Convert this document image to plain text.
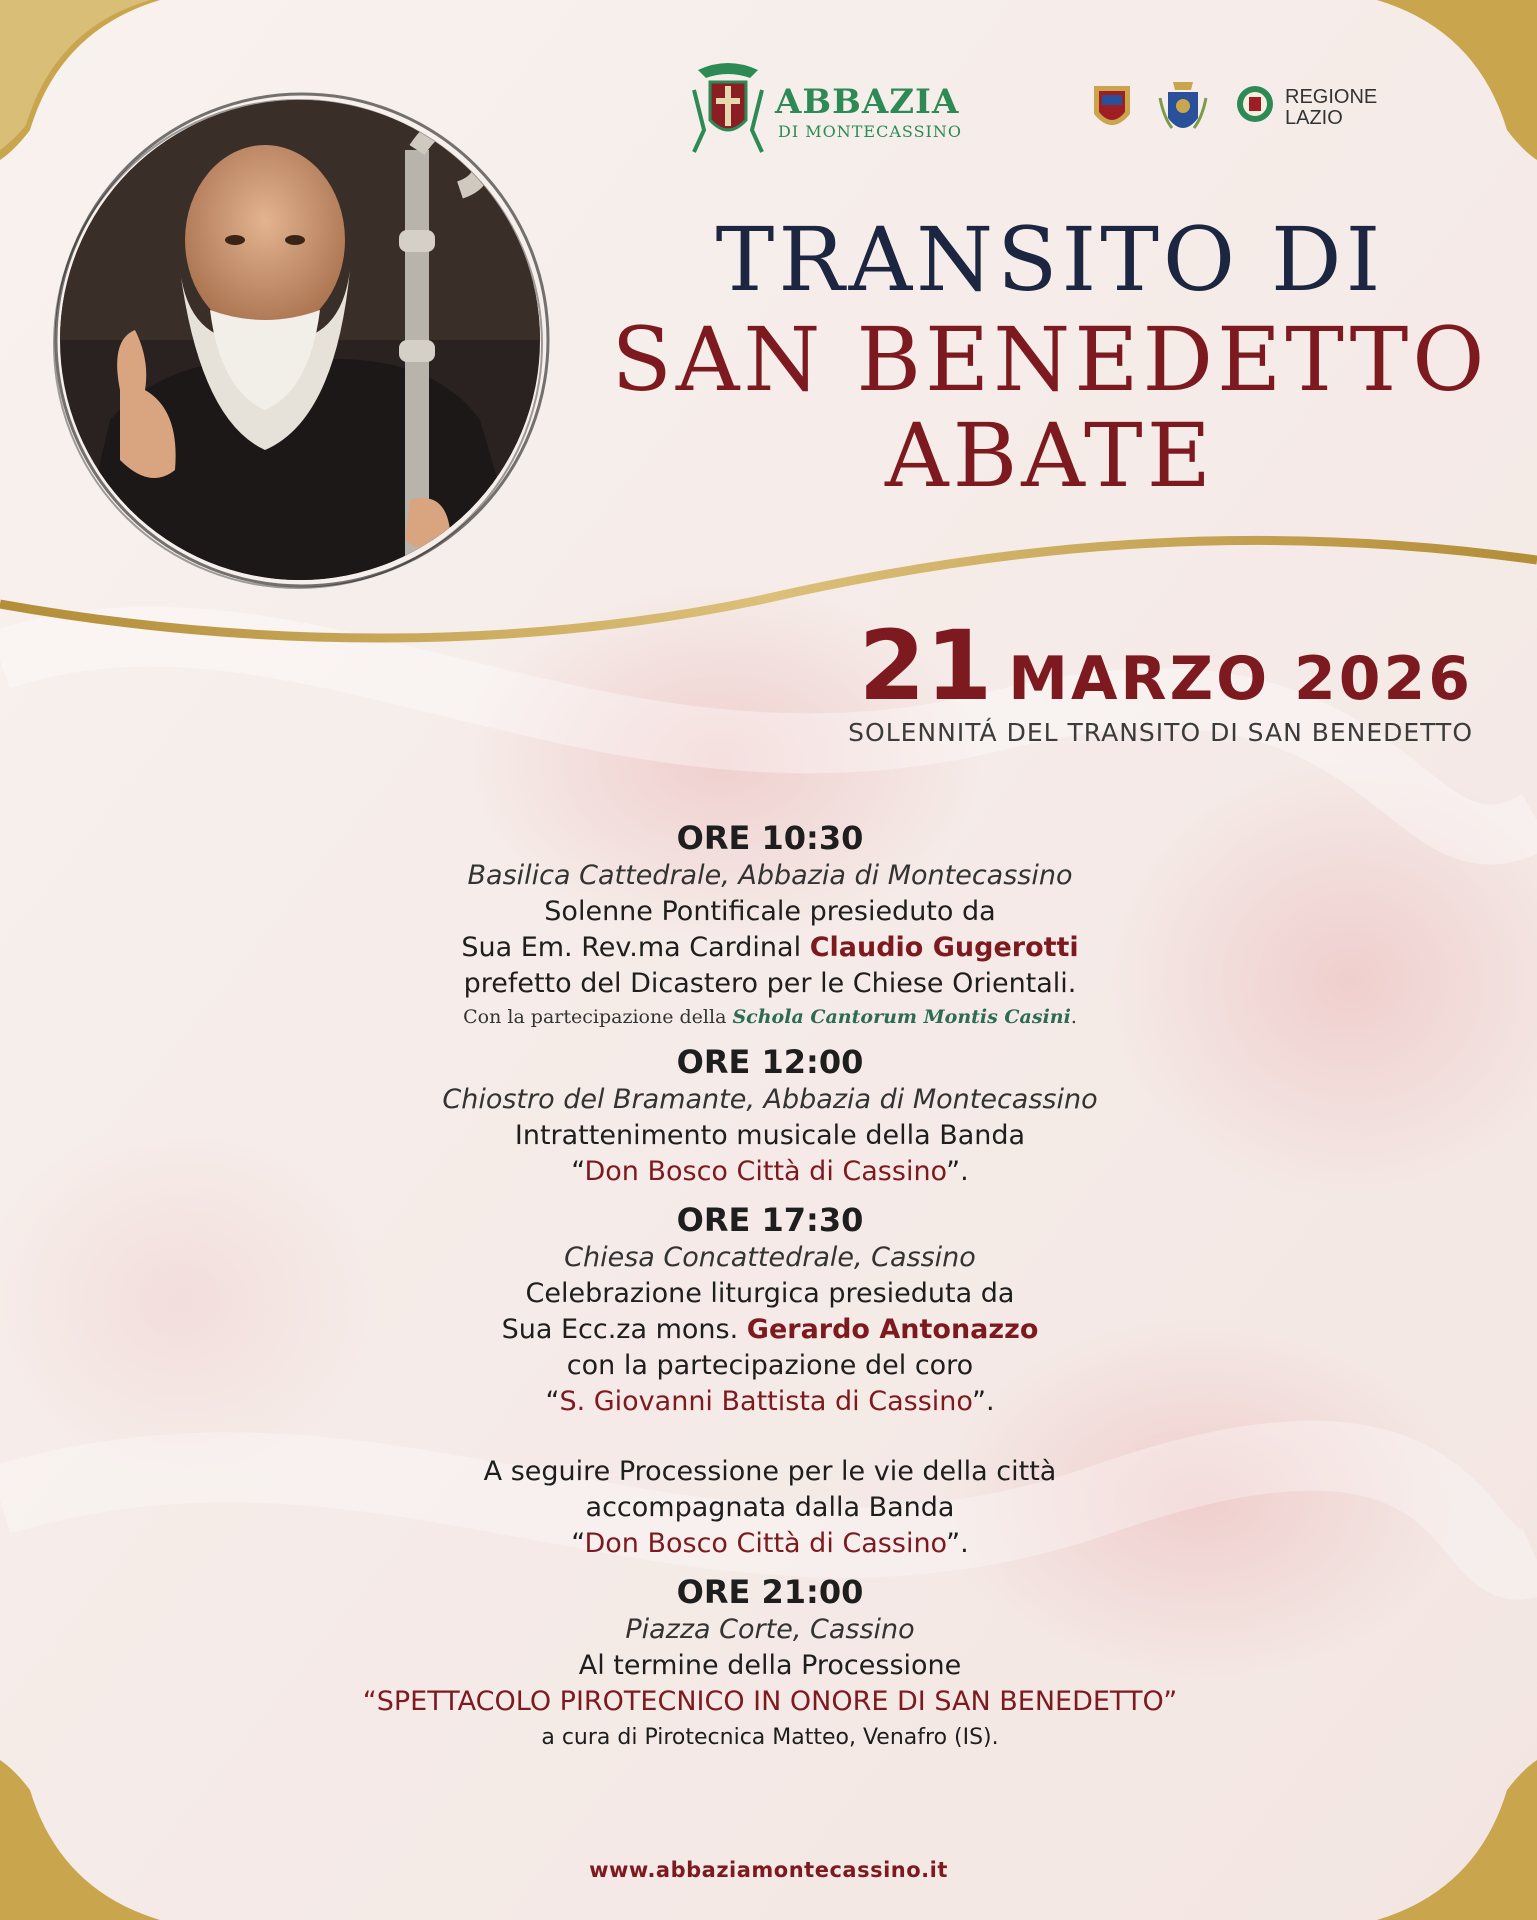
ABBAZIA
DI MONTECASSINO
REGIONE
LAZIO
TRANSITO DI
SAN BENEDETTO
ABATE
21 MARZO 2026
SOLENNITÁ DEL TRANSITO DI SAN BENEDETTO
ORE 10:30
Basilica Cattedrale, Abbazia di Montecassino
Solenne Pontificale presieduto da
Sua Em. Rev.ma Cardinal Claudio Gugerotti
prefetto del Dicastero per le Chiese Orientali.
Con la partecipazione della Schola Cantorum Montis Casini.
ORE 12:00
Chiostro del Bramante, Abbazia di Montecassino
Intrattenimento musicale della Banda
“Don Bosco Città di Cassino”.
ORE 17:30
Chiesa Concattedrale, Cassino
Celebrazione liturgica presieduta da
Sua Ecc.za mons. Gerardo Antonazzo
con la partecipazione del coro
“S. Giovanni Battista di Cassino”.
A seguire Processione per le vie della città
accompagnata dalla Banda
“Don Bosco Città di Cassino”.
ORE 21:00
Piazza Corte, Cassino
Al termine della Processione
“SPETTACOLO PIROTECNICO IN ONORE DI SAN BENEDETTO”
a cura di Pirotecnica Matteo, Venafro (IS).
www.abbaziamontecassino.it
